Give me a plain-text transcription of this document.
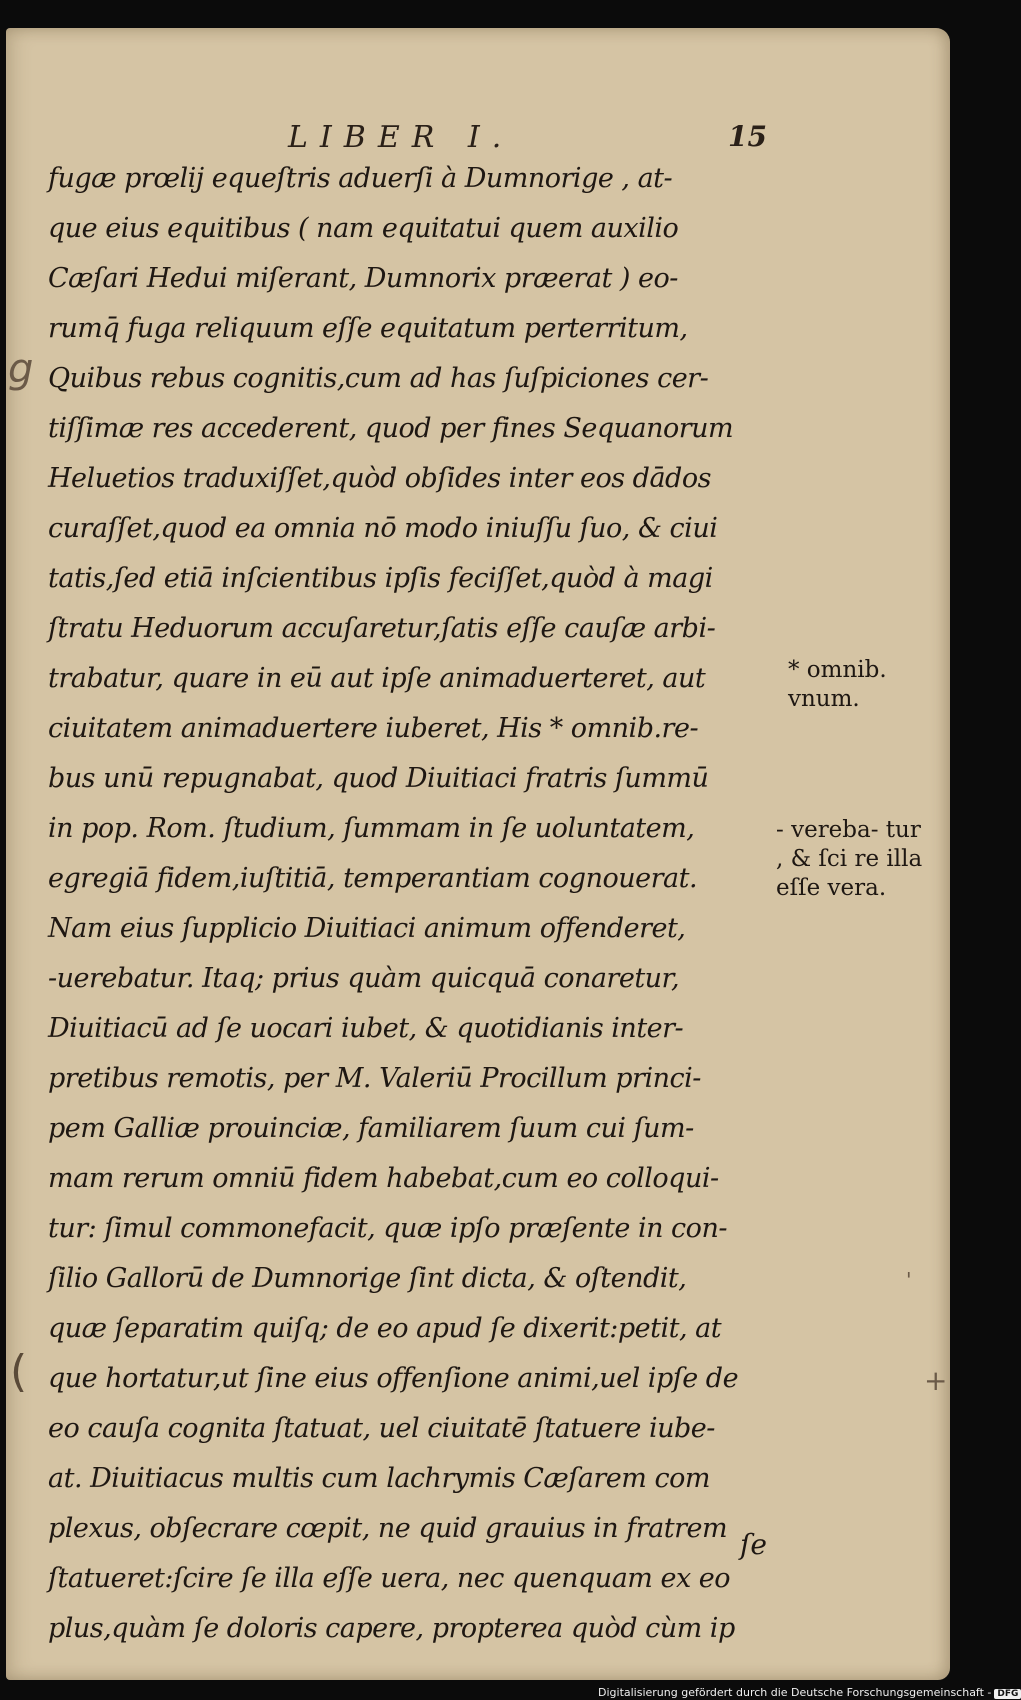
LIBER I.	15
fugæ prœlij equeſtris aduerſi à Dumnorige , at-
que eius equitibus ( nam equitatui quem auxilio
Cæſari Hedui miſerant, Dumnorix præerat ) eo-
rumq̄ fuga reliquum eſſe equitatum perterritum,
Quibus rebus cognitis,cum ad has ſuſpiciones cer-
tiſſimæ res accederent, quod per fines Sequanorum
Heluetios traduxiſſet,quòd obſides inter eos dādos
curaſſet,quod ea omnia nō modo iniuſſu ſuo, & ciui
tatis,ſed etiā inſcientibus ipſis feciſſet,quòd à magi
ſtratu Heduorum accuſaretur,ſatis eſſe cauſæ arbi-
trabatur, quare in eū aut ipſe animaduerteret, aut
ciuitatem animaduertere iuberet, His * omnib.re-
bus unū repugnabat, quod Diuitiaci fratris ſummū
in pop. Rom. ſtudium, ſummam in ſe uoluntatem,
egregiā fidem,iuſtitiā, temperantiam cognouerat.
Nam eius ſupplicio Diuitiaci animum offenderet,
-uerebatur. Itaq; prius quàm quicquā conaretur,
Diuitiacū ad ſe uocari iubet, & quotidianis inter-
pretibus remotis, per M. Valeriū Procillum princi-
pem Galliæ prouinciæ, familiarem ſuum cui ſum-
mam rerum omniū fidem habebat,cum eo colloqui-
tur: ſimul commonefacit, quæ ipſo præſente in con-
ſilio Gallorū de Dumnorige ſint dicta, & oſtendit,
quæ ſeparatim quiſq; de eo apud ſe dixerit:petit, at
que hortatur,ut ſine eius offenſione animi,uel ipſe de
eo cauſa cognita ſtatuat, uel ciuitatē ſtatuere iube-
at. Diuitiacus multis cum lachrymis Cæſarem com
plexus, obſecrare cœpit, ne quid grauius in fratrem
ſtatueret:ſcire ſe illa eſſe uera, nec quenquam ex eo
plus,quàm ſe doloris capere, propterea quòd cùm ip
ſe
* omnib. vnum.
- vereba- tur , & ſci re illa eſſe vera.
g
(	+
'
Digitalisierung gefördert durch die Deutsche Forschungsgemeinschaft - DFG
